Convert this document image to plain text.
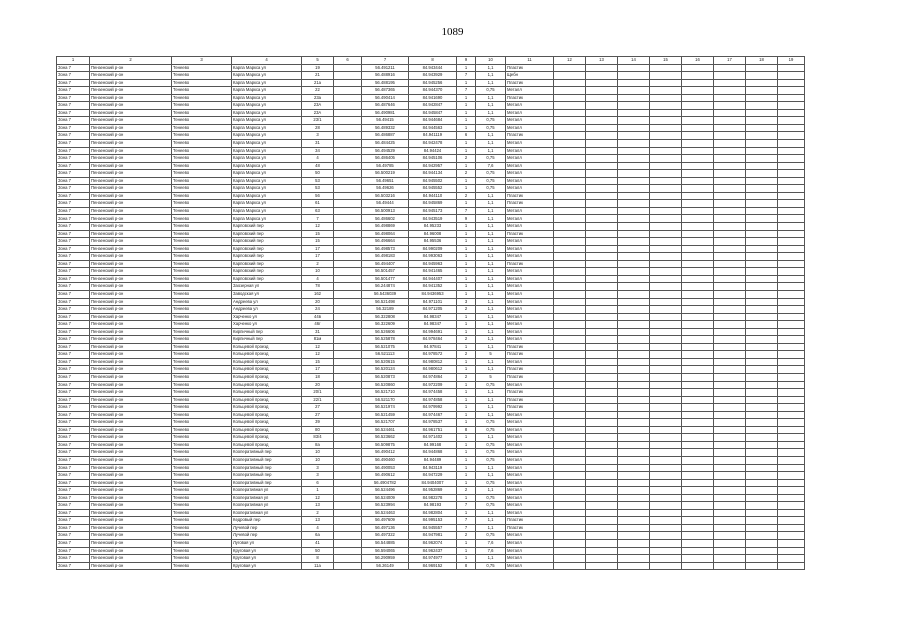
1089
1	2	3	4	5	6	7	8	9	10	11	12	13	14	15	16	17	18	19
Зона 7	Пензенский р-он	Тенеево	Карла Маркса ул	19		56.491211	84.943444	1	1,1	Пластик								
Зона 7	Пензенский р-он	Тенеево	Карла Маркса ул	21		56.488916	84.943929	7	1,1	Щебн								
Зона 7	Пензенский р-он	Тенеево	Карла Маркса ул	21а		56.488195	84.945256	1	1,1	Пластик								
Зона 7	Пензенский р-он	Тенеево	Карла Маркса ул	22		56.487365	84.944370	7	0,75	Металл								
Зона 7	Пензенский р-он	Тенеево	Карла Маркса ул	23а		56.490414	84.941690	1	1,1	Пластик								
Зона 7	Пензенский р-он	Тенеево	Карла Маркса ул	23А		56.487646	84.942847	1	1,1	Металл								
Зона 7	Пензенский р-он	Тенеево	Карла Маркса ул	23А		56.490981	84.945847	1	1,1	Металл								
Зона 7	Пензенский р-он	Тенеево	Карла Маркса ул	23/1		56.49415	84.944684	1	0,75	Металл								
Зона 7	Пензенский р-он	Тенеево	Карла Маркса ул	28		56.489332	84.944563	1	0,75	Металл								
Зона 7	Пензенский р-он	Тенеево	Карла Маркса ул	3		56.486887	84.941119	6	1,1	Пластик								
Зона 7	Пензенский р-он	Тенеево	Карла Маркса ул	31		56.484425	84.942478	1	1,1	Металл								
Зона 7	Пензенский р-он	Тенеево	Карла Маркса ул	34		56.494529	84.94424	1	1,1	Металл								
Зона 7	Пензенский р-он	Тенеево	Карла Маркса ул	4		56.486405	84.945106	2	0,75	Металл								
Зона 7	Пензенский р-он	Тенеево	Карла Маркса ул	48		56.49785	84.942957	1	7,6	Металл								
Зона 7	Пензенский р-он	Тенеево	Карла Маркса ул	50		56.500219	84.944134	2	0,75	Металл								
Зона 7	Пензенский р-он	Тенеево	Карла Маркса ул	53		56.49651	84.945502	1	0,75	Металл								
Зона 7	Пензенский р-он	Тенеево	Карла Маркса ул	53		56.49626	84.945552	1	0,75	Металл								
Зона 7	Пензенский р-он	Тенеево	Карла Маркса ул	56		56.503216	84.944110	2	1,1	Пластик								
Зона 7	Пензенский р-он	Тенеево	Карла Маркса ул	61		56.49444	84.945869	1	1,1	Пластик								
Зона 7	Пензенский р-он	Тенеево	Карла Маркса ул	63		56.500913	84.945173	7	1,1	Металл								
Зона 7	Пензенский р-он	Тенеево	Карла Маркса ул	7		56.486602	84.943519	9	1,1	Металл								
Зона 7	Пензенский р-он	Тенеево	Карповский пер	12		56.498869	84.95233	1	1,1	Металл								
Зона 7	Пензенский р-он	Тенеево	Карповский пер	15		56.498064	84.96008	1	1,1	Пластик								
Зона 7	Пензенский р-он	Тенеево	Карповский пер	15		56.496664	84.95536	1	1,1	Металл								
Зона 7	Пензенский р-он	Тенеево	Карповский пер	17		56.498573	84.990209	1	1,1	Металл								
Зона 7	Пензенский р-он	Тенеево	Карповский пер	17		56.498183	84.993063	1	1,1	Металл								
Зона 7	Пензенский р-он	Тенеево	Карповский пер	2		56.494407	84.945963	1	1,1	Пластик								
Зона 7	Пензенский р-он	Тенеево	Карповский пер	10		56.501457	84.941465	1	1,1	Металл								
Зона 7	Пензенский р-он	Тенеево	Карповский пер	4		56.501477	84.944407	1	1,1	Металл								
Зона 7	Пензенский р-он	Тенеево	Заозерная ул	78		56.244874	84.941352	1	1,1	Металл								
Зона 7	Пензенский р-он	Тенеево	Заводская ул	162		56.5436039	84.9436953	1	1,1	Металл								
Зона 7	Пензенский р-он	Тенеево	Андреева ул	20		56.521498	84.971101	3	1,1	Металл								
Зона 7	Пензенский р-он	Тенеево	Андреева ул	24		56.32189	84.971205	2	1,1	Металл								
Зона 7	Пензенский р-он	Тенеево	Харченко ул	44в		56.322808	84.98347	1	1,1	Металл								
Зона 7	Пензенский р-он	Тенеево	Харченко ул	46г		56.322609	84.98347	1	1,1	Металл								
Зона 7	Пензенский р-он	Тенеево	Кирпичный пер	31		56.526606	84.994691	1	1,1	Металл								
Зона 7	Пензенский р-он	Тенеево	Кирпичный пер	81м		56.525878	84.978464	2	1,1	Металл								
Зона 7	Пензенский р-он	Тенеево	Кольцевой проезд	12		56.521075	84.97841	1	1,1	Пластик								
Зона 7	Пензенский р-он	Тенеево	Кольцевой проезд	12		56.521113	84.978572	2	5	Пластик								
Зона 7	Пензенский р-он	Тенеево	Кольцевой проезд	15		56.520615	84.980812	1	1,1	Металл								
Зона 7	Пензенский р-он	Тенеево	Кольцевой проезд	17		56.520124	84.980612	1	1,1	Пластик								
Зона 7	Пензенский р-он	Тенеево	Кольцевой проезд	18		56.520873	84.974864	2	5	Пластик								
Зона 7	Пензенский р-он	Тенеево	Кольцевой проезд	20		56.520860	84.972209	1	0,75	Металл								
Зона 7	Пензенский р-он	Тенеево	Кольцевой проезд	20/1		56.521710	84.974458	1	1,1	Пластик								
Зона 7	Пензенский р-он	Тенеево	Кольцевой проезд	22/1		56.521170	84.974858	1	1,1	Пластик								
Зона 7	Пензенский р-он	Тенеево	Кольцевой проезд	27		56.521974	84.979992	1	1,1	Пластик								
Зона 7	Пензенский р-он	Тенеево	Кольцевой проезд	27		56.521459	84.974467	1	1,1	Металл								
Зона 7	Пензенский р-он	Тенеево	Кольцевой проезд	39		56.521707	84.978537	1	0,75	Металл								
Зона 7	Пензенский р-он	Тенеево	Кольцевой проезд	80		56.524461	84.961751	8	0,75	Металл								
Зона 7	Пензенский р-он	Тенеево	Кольцевой проезд	83/4		56.523662	84.971402	1	1,1	Металл								
Зона 7	Пензенский р-он	Тенеево	Кольцевой проезд	8а		56.509875	84.99168	1	0,75	Металл								
Зона 7	Пензенский р-он	Тенеево	Кооперативный пер	10		56.490412	84.944868	1	0,75	Металл								
Зона 7	Пензенский р-он	Тенеево	Кооперативный пер	10		56.490460	84.94489	1	0,75	Металл								
Зона 7	Пензенский р-он	Тенеево	Кооперативный пер	3		56.490053	84.943119	1	1,1	Металл								
Зона 7	Пензенский р-он	Тенеево	Кооперативный пер	3		56.490612	84.947229	1	1,1	Металл								
Зона 7	Пензенский р-он	Тенеево	Кооперативный пер	6		56.4904782	84.9404007	1	0,75	Металл								
Зона 7	Пензенский р-он	Тенеево	Кооперативная ул	1		56.524496	84.952869	2	1,1	Металл								
Зона 7	Пензенский р-он	Тенеево	Кооперативная ул	12		56.524009	84.982278	1	0,75	Металл								
Зона 7	Пензенский р-он	Тенеево	Кооперативная ул	13		56.523994	84.98193	7	0,75	Металл								
Зона 7	Пензенский р-он	Тенеево	Кооперативная ул	2		56.524463	84.982804	1	1,1	Металл								
Зона 7	Пензенский р-он	Тенеево	Кедровый пер	13		56.497609	84.995153	7	1,1	Пластик								
Зона 7	Пензенский р-он	Тенеево	Лучевой пер	4		56.497136	84.945557	7	1,1	Пластик								
Зона 7	Пензенский р-он	Тенеево	Лучевой пер	6а		56.497322	84.947981	2	0,75	Металл								
Зона 7	Пензенский р-он	Тенеево	Луговая ул	41		56.544885	84.962074	1	7,6	Металл								
Зона 7	Пензенский р-он	Тенеево	Круговая ул	50		56.594065	84.962437	1	7,6	Металл								
Зона 7	Пензенский р-он	Тенеево	Круговая ул	8		56.290959	84.974977	1	1,1	Металл								
Зона 7	Пензенский р-он	Тенеево	Круговая ул	11а		56.26149	84.969152	8	0,75	Металл								
